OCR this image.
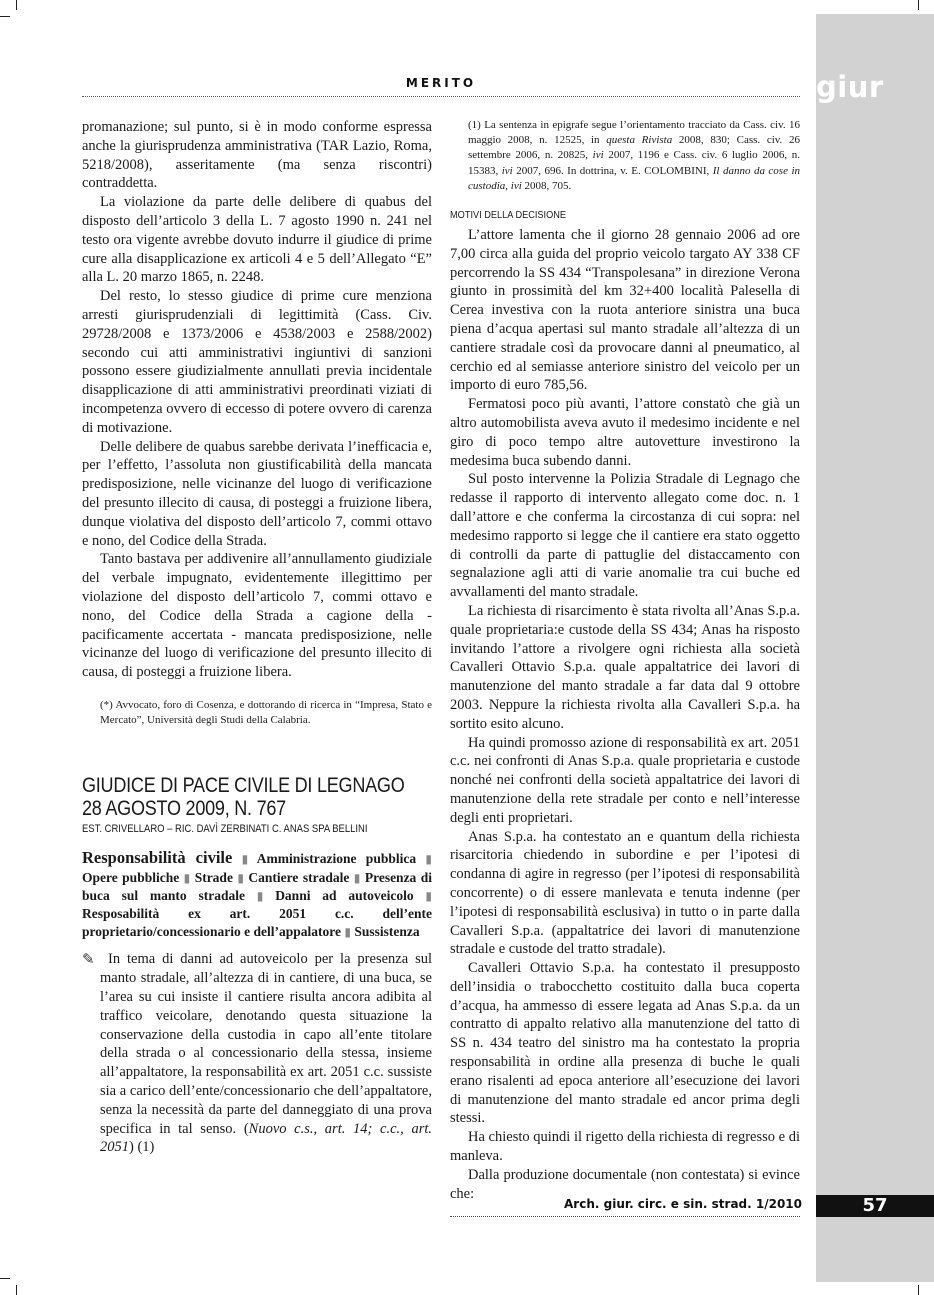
giur
MERITO

promanazione; sul punto, si è in modo conforme espressa anche la giurisprudenza amministrativa (TAR Lazio, Roma, 5218/2008), asseritamente (ma senza riscontri) contraddetta.

La violazione da parte delle delibere di quabus del disposto dell’articolo 3 della L. 7 agosto 1990 n. 241 nel testo ora vigente avrebbe dovuto indurre il giudice di prime cure alla disapplicazione ex articoli 4 e 5 dell’Allegato “E” alla L. 20 marzo 1865, n. 2248.

Del resto, lo stesso giudice di prime cure menziona arresti giurisprudenziali di legittimità (Cass. Civ. 29728/2008 e 1373/2006 e 4538/2003 e 2588/2002) secondo cui atti amministrativi ingiuntivi di sanzioni possono essere giudizialmente annullati previa incidentale disapplicazione di atti amministrativi preordinati viziati di incompetenza ovvero di eccesso di potere ovvero di carenza di motivazione.

Delle delibere de quabus sarebbe derivata l’inefficacia e, per l’effetto, l’assoluta non giustificabilità della mancata predisposizione, nelle vicinanze del luogo di verificazione del presunto illecito di causa, di posteggi a fruizione libera, dunque violativa del disposto dell’articolo 7, commi ottavo e nono, del Codice della Strada.

Tanto bastava per addivenire all’annullamento giudiziale del verbale impugnato, evidentemente illegittimo per violazione del disposto dell’articolo 7, commi ottavo e nono, del Codice della Strada a cagione della - pacificamente accertata - mancata predisposizione, nelle vicinanze del luogo di verificazione del presunto illecito di causa, di posteggi a fruizione libera.

(*) Avvocato, foro di Cosenza, e dottorando di ricerca in “Impresa, Stato e Mercato”, Università degli Studi della Calabria.

GIUDICE DI PACE CIVILE DI LEGNAGO
28 AGOSTO 2009, N. 767
EST. CRIVELLARO – RIC. DAVÌ ZERBINATI C. ANAS SPA BELLINI

Responsabilità civile ▮ Amministrazione pubblica ▮ Opere pubbliche ▮ Strade ▮ Cantiere stradale ▮ Presenza di buca sul manto stradale ▮ Danni ad autoveicolo ▮ Resposabilità ex art. 2051 c.c. dell’ente proprietario/concessionario e dell’appalatore ▮ Sussistenza

✎ In tema di danni ad autoveicolo per la presenza sul manto stradale, all’altezza di in cantiere, di una buca, se l’area su cui insiste il cantiere risulta ancora adibita al traffico veicolare, denotando questa situazione la conservazione della custodia in capo all’ente titolare della strada o al concessionario della stessa, insieme all’appaltatore, la responsabilità ex art. 2051 c.c. sussiste sia a carico dell’ente/concessionario che dell’appaltatore, senza la necessità da parte del danneggiato di una prova specifica in tal senso. (Nuovo c.s., art. 14; c.c., art. 2051) (1)

(1) La sentenza in epigrafe segue l’orientamento tracciato da Cass. civ. 16 maggio 2008, n. 12525, in questa Rivista 2008, 830; Cass. civ. 26 settembre 2006, n. 20825, ivi 2007, 1196 e Cass. civ. 6 luglio 2006, n. 15383, ivi 2007, 696. In dottrina, v. E. COLOMBINI, Il danno da cose in custodia, ivi 2008, 705.

MOTIVI DELLA DECISIONE

L’attore lamenta che il giorno 28 gennaio 2006 ad ore 7,00 circa alla guida del proprio veicolo targato AY 338 CF percorrendo la SS 434 “Transpolesana” in direzione Verona giunto in prossimità del km 32+400 località Palesella di Cerea investiva con la ruota anteriore sinistra una buca piena d’acqua apertasi sul manto stradale all’altezza di un cantiere stradale così da provocare danni al pneumatico, al cerchio ed al semiasse anteriore sinistro del veicolo per un importo di euro 785,56.

Fermatosi poco più avanti, l’attore constatò che già un altro automobilista aveva avuto il medesimo incidente e nel giro di poco tempo altre autovetture investirono la medesima buca subendo danni.

Sul posto intervenne la Polizia Stradale di Legnago che redasse il rapporto di intervento allegato come doc. n. 1 dall’attore e che conferma la circostanza di cui sopra: nel medesimo rapporto si legge che il cantiere era stato oggetto di controlli da parte di pattuglie del distaccamento con segnalazione agli atti di varie anomalie tra cui buche ed avvallamenti del manto stradale.

La richiesta di risarcimento è stata rivolta all’Anas S.p.a. quale proprietaria:e custode della SS 434; Anas ha risposto invitando l’attore a rivolgere ogni richiesta alla società Cavalleri Ottavio S.p.a. quale appaltatrice dei lavori di manutenzione del manto stradale a far data dal 9 ottobre 2003. Neppure la richiesta rivolta alla Cavalleri S.p.a. ha sortito esito alcuno.

Ha quindi promosso azione di responsabilità ex art. 2051 c.c. nei confronti di Anas S.p.a. quale proprietaria e custode nonché nei confronti della società appaltatrice dei lavori di manutenzione della rete stradale per conto e nell’interesse degli enti proprietari.

Anas S.p.a. ha contestato an e quantum della richiesta risarcitoria chiedendo in subordine e per l’ipotesi di condanna di agire in regresso (per l’ipotesi di responsabilità concorrente) o di essere manlevata e tenuta indenne (per l’ipotesi di responsabilità esclusiva) in tutto o in parte dalla Cavalleri S.p.a. (appaltatrice dei lavori di manutenzione stradale e custode del tratto stradale).

Cavalleri Ottavio S.p.a. ha contestato il presupposto dell’insidia o trabocchetto costituito dalla buca coperta d’acqua, ha ammesso di essere legata ad Anas S.p.a. da un contratto di appalto relativo alla manutenzione del tatto di SS n. 434 teatro del sinistro ma ha contestato la propria responsabilità in ordine alla presenza di buche le quali erano risalenti ad epoca anteriore all’esecuzione dei lavori di manutenzione del manto stradale ed ancor prima degli stessi.

Ha chiesto quindi il rigetto della richiesta di regresso e di manleva.

Dalla produzione documentale (non contestata) si evince che:

Arch. giur. circ. e sin. strad. 1/2010	57
